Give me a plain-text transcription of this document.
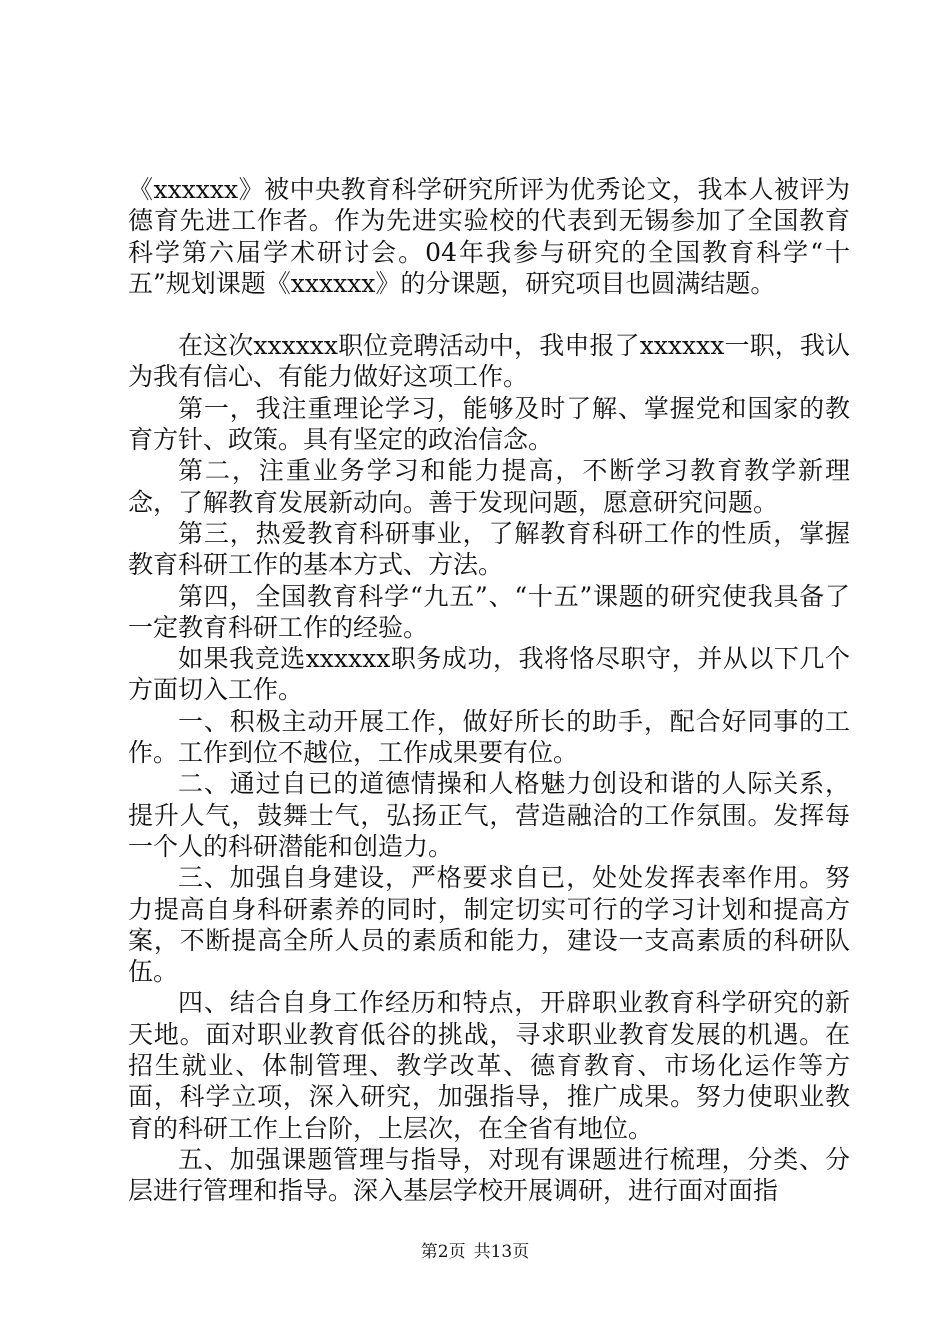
《xxxxxx》被中央教育科学研究所评为优秀论文，我本人被评为德育先进工作者。作为先进实验校的代表到无锡参加了全国教育科学第六届学术研讨会。04年我参与研究的全国教育科学“十五”规划课题《xxxxxx》的分课题，研究项目也圆满结题。

在这次xxxxxx职位竞聘活动中，我申报了xxxxxx一职，我认为我有信心、有能力做好这项工作。

第一，我注重理论学习，能够及时了解、掌握党和国家的教育方针、政策。具有坚定的政治信念。

第二，注重业务学习和能力提高，不断学习教育教学新理念，了解教育发展新动向。善于发现问题，愿意研究问题。

第三，热爱教育科研事业，了解教育科研工作的性质，掌握教育科研工作的基本方式、方法。

第四，全国教育科学“九五”、“十五”课题的研究使我具备了一定教育科研工作的经验。

如果我竞选xxxxxx职务成功，我将恪尽职守，并从以下几个方面切入工作。

一、积极主动开展工作，做好所长的助手，配合好同事的工作。工作到位不越位，工作成果要有位。

二、通过自已的道德情操和人格魅力创设和谐的人际关系，提升人气，鼓舞士气，弘扬正气，营造融洽的工作氛围。发挥每一个人的科研潜能和创造力。

三、加强自身建设，严格要求自已，处处发挥表率作用。努力提高自身科研素养的同时，制定切实可行的学习计划和提高方案，不断提高全所人员的素质和能力，建设一支高素质的科研队伍。

四、结合自身工作经历和特点，开辟职业教育科学研究的新天地。面对职业教育低谷的挑战，寻求职业教育发展的机遇。在招生就业、体制管理、教学改革、德育教育、市场化运作等方面，科学立项，深入研究，加强指导，推广成果。努力使职业教育的科研工作上台阶，上层次，在全省有地位。

五、加强课题管理与指导，对现有课题进行梳理，分类、分层进行管理和指导。深入基层学校开展调研，进行面对面指

第2页 共13页
